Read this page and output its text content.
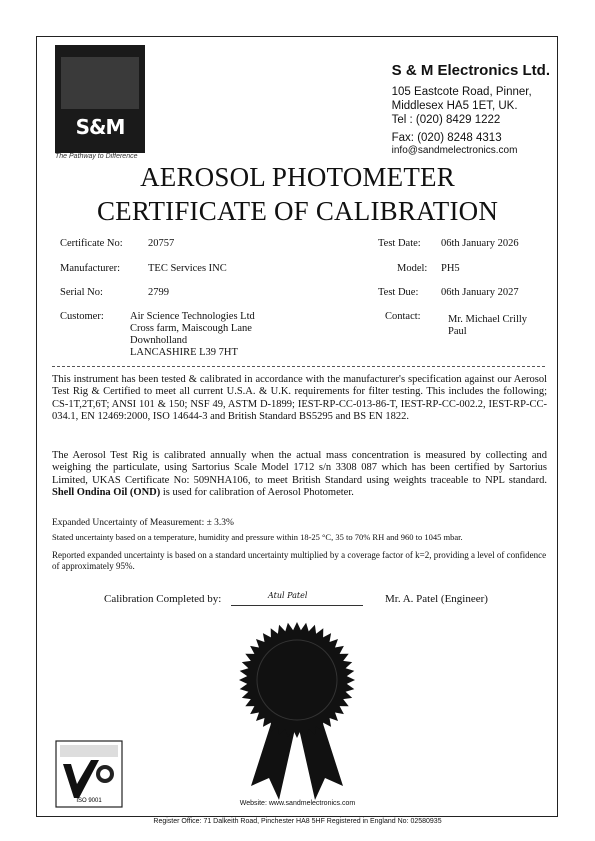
S&M
The Pathway to Difference
S & M Electronics Ltd.
105 Eastcote Road, Pinner,
Middlesex HA5 1ET, UK.
Tel : (020) 8429 1222
Fax: (020) 8248 4313
info@sandmelectronics.com
AEROSOL PHOTOMETER
CERTIFICATE OF CALIBRATION
Certificate No: 20757	Test Date: 06th January 2026
Manufacturer:	TEC Services INC	Model: PH5
Serial No:	2799	Test Due: 06th January 2027
Customer:	Air Science Technologies Ltd
Cross farm, Maiscough Lane
Downholland
LANCASHIRE L39 7HT
Contact:	Mr. Michael Crilly
Paul
This instrument has been tested & calibrated in accordance with the manufacturer's specification against our Aerosol Test Rig & Certified to meet all current U.S.A. & U.K. requirements for filter testing. This includes the following; CS-1T,2T,6T; ANSI 101 & 150; NSF 49, ASTM D-1899; IEST-RP-CC-013-86-T, IEST-RP-CC-002.2, IEST-RP-CC-034.1, EN 12469:2000, ISO 14644-3 and British Standard BS5295 and BS EN 1822.
The Aerosol Test Rig is calibrated annually when the actual mass concentration is measured by collecting and weighing the particulate, using Sartorius Scale Model 1712 s/n 3308 087 which has been certified by Sartorius Limited, UKAS Certificate No: 509NHA106, to meet British Standard using weights traceable to NPL standard. Shell Ondina Oil (OND) is used for calibration of Aerosol Photometer.
Expanded Uncertainty of Measurement: ± 3.3%
Stated uncertainty based on a temperature, humidity and pressure within 18-25 °C, 35 to 70% RH and 960 to 1045 mbar.
Reported expanded uncertainty is based on a standard uncertainty multiplied by a coverage factor of k=2, providing a level of confidence of approximately 95%.
Calibration Completed by:	Atul Patel	Mr. A. Patel (Engineer)
ISO 9001	Website: www.sandmelectronics.com
Register Office: 71 Dalkeith Road, Pinchester HA8 5HF Registered in England No: 02580935
